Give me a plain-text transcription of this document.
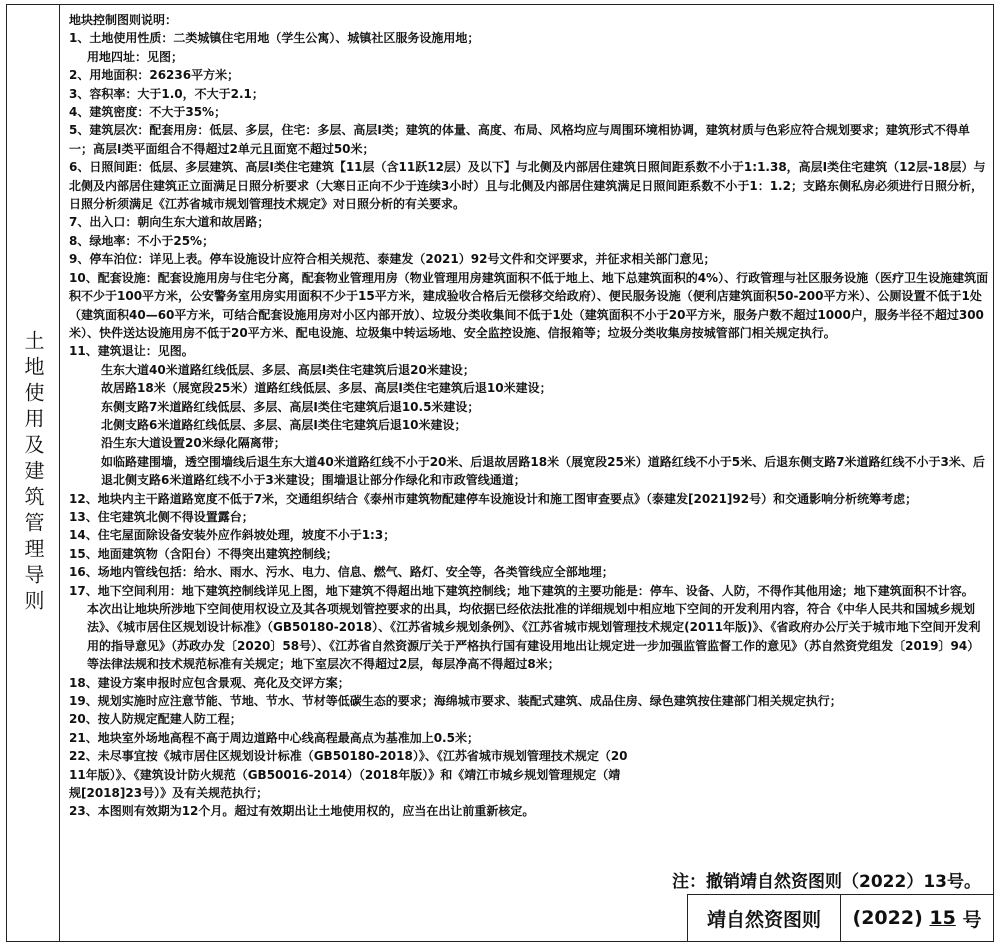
土地使用及建筑管理导则
地块控制图则说明：
1、土地使用性质：二类城镇住宅用地（学生公寓）、城镇社区服务设施用地；
用地四址：见图；
2、用地面积：26236平方米；
3、容积率：大于1.0，不大于2.1；
4、建筑密度：不大于35%；
5、建筑层次：配套用房：低层、多层，住宅：多层、高层Ⅰ类；建筑的体量、高度、布局、风格均应与周围环境相协调，建筑材质与色彩应符合规划要求；建筑形式不得单一；高层Ⅰ类平面组合不得超过2单元且面宽不超过50米；
6、日照间距：低层、多层建筑、高层Ⅰ类住宅建筑【11层（含11跃12层）及以下】与北侧及内部居住建筑日照间距系数不小于1:1.38，高层Ⅰ类住宅建筑（12层-18层）与北侧及内部居住建筑正立面满足日照分析要求（大寒日正向不少于连续3小时）且与北侧及内部居住建筑满足日照间距系数不小于1：1.2；支路东侧私房必须进行日照分析，日照分析须满足《江苏省城市规划管理技术规定》对日照分析的有关要求。
7、出入口：朝向生东大道和故居路；
8、绿地率：不小于25%；
9、停车泊位：详见上表。停车设施设计应符合相关规范、泰建发（2021）92号文件和交评要求，并征求相关部门意见；
10、配套设施：配套设施用房与住宅分离，配套物业管理用房（物业管理用房建筑面积不低于地上、地下总建筑面积的4%）、行政管理与社区服务设施（医疗卫生设施建筑面积不少于100平方米，公安警务室用房实用面积不少于15平方米，建成验收合格后无偿移交给政府）、便民服务设施（便利店建筑面积50-200平方米）、公厕设置不低于1处（建筑面积40—60平方米，可结合配套设施用房对小区内部开放）、垃圾分类收集间不低于1处（建筑面积不小于20平方米，服务户数不超过1000户，服务半径不超过300米）、快件送达设施用房不低于20平方米、配电设施、垃圾集中转运场地、安全监控设施、信报箱等；垃圾分类收集房按城管部门相关规定执行。
11、建筑退让：见图。
生东大道40米道路红线低层、多层、高层Ⅰ类住宅建筑后退20米建设；
故居路18米（展宽段25米）道路红线低层、多层、高层Ⅰ类住宅建筑后退10米建设；
东侧支路7米道路红线低层、多层、高层Ⅰ类住宅建筑后退10.5米建设；
北侧支路6米道路红线低层、多层、高层Ⅰ类住宅建筑后退10米建设；
沿生东大道设置20米绿化隔离带；
如临路建围墙，透空围墙线后退生东大道40米道路红线不小于20米、后退故居路18米（展宽段25米）道路红线不小于5米、后退东侧支路7米道路红线不小于3米、后退北侧支路6米道路红线不小于3米建设；围墙退让部分作绿化和市政管线通道；
12、地块内主干路道路宽度不低于7米，交通组织结合《泰州市建筑物配建停车设施设计和施工图审查要点》（泰建发[2021]92号）和交通影响分析统筹考虑；
13、住宅建筑北侧不得设置露台；
14、住宅屋面除设备安装外应作斜坡处理，坡度不小于1:3；
15、地面建筑物（含阳台）不得突出建筑控制线；
16、场地内管线包括：给水、雨水、污水、电力、信息、燃气、路灯、安全等，各类管线应全部地埋；
17、地下空间利用：地下建筑控制线详见上图，地下建筑不得超出地下建筑控制线；地下建筑的主要功能是：停车、设备、人防，不得作其他用途；地下建筑面积不计容。
本次出让地块所涉地下空间使用权设立及其各项规划管控要求的出具，均依据已经依法批准的详细规划中相应地下空间的开发利用内容，符合《中华人民共和国城乡规划法》、《城市居住区规划设计标准》（GB50180-2018）、《江苏省城乡规划条例》、《江苏省城市规划管理技术规定(2011年版)》、《省政府办公厅关于城市地下空间开发利用的指导意见》（苏政办发〔2020〕58号）、《江苏省自然资源厅关于严格执行国有建设用地出让规定进一步加强监管监督工作的意见》（苏自然资党组发〔2019〕94）等法律法规和技术规范标准有关规定；地下室层次不得超过2层，每层净高不得超过8米；
18、建设方案申报时应包含景观、亮化及交评方案；
19、规划实施时应注意节能、节地、节水、节材等低碳生态的要求；海绵城市要求、装配式建筑、成品住房、绿色建筑按住建部门相关规定执行；
20、按人防规定配建人防工程；
21、地块室外场地高程不高于周边道路中心线高程最高点为基准加上0.5米；
22、未尽事宜按《城市居住区规划设计标准（GB50180-2018）》、《江苏省城市规划管理技术规定（2011年版）》、《建筑设计防火规范（GB50016-2014）（2018年版）》和《靖江市城乡规划管理规定（靖规[2018]23号）》及有关规范执行；
23、本图则有效期为12个月。超过有效期出让土地使用权的，应当在出让前重新核定。
注：撤销靖自然资图则（2022）13号。
靖自然资图则	(2022)
15
号
